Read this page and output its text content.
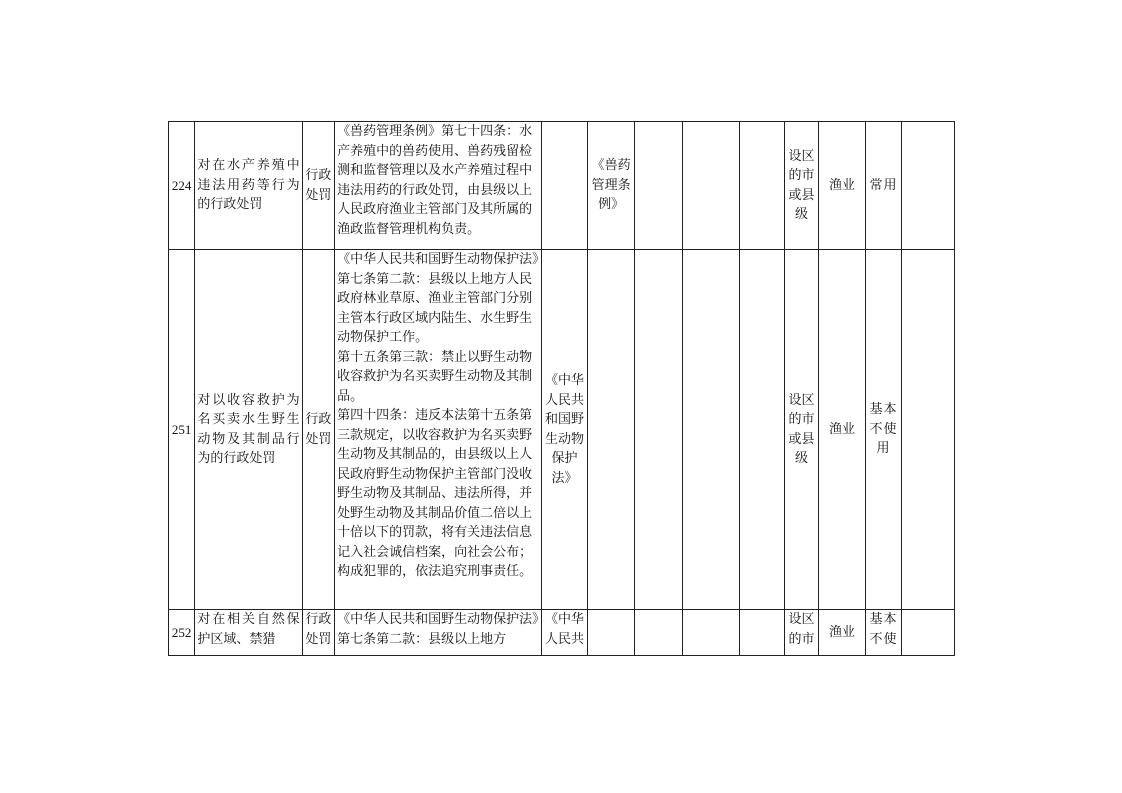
224	对在水产养殖中违法用药等行为的行政处罚	行政处罚	《兽药管理条例》第七十四条：水产养殖中的兽药使用、兽药残留检测和监督管理以及水产养殖过程中违法用药的行政处罚，由县级以上人民政府渔业主管部门及其所属的渔政监督管理机构负责。		《兽药管理条例》				设区的市或县级	渔业	常用	

251	对以收容救护为名买卖水生野生动物及其制品行为的行政处罚	行政处罚	《中华人民共和国野生动物保护法》第七条第二款：县级以上地方人民政府林业草原、渔业主管部门分别主管本行政区域内陆生、水生野生动物保护工作。

第十五条第三款：禁止以野生动物收容救护为名买卖野生动物及其制品。

第四十四条：违反本法第十五条第三款规定，以收容救护为名买卖野生动物及其制品的，由县级以上人民政府野生动物保护主管部门没收野生动物及其制品、违法所得，并处野生动物及其制品价值二倍以上十倍以下的罚款，将有关违法信息记入社会诚信档案，向社会公布；构成犯罪的，依法追究刑事责任。	《中华人民共和国野生动物保护法》					设区的市或县级	渔业	基本不使用	

252	对在相关自然保护区域、禁猎	行政处罚	《中华人民共和国野生动物保护法》第七条第二款：县级以上地方	《中华人民共					设区的市	渔业	基本不使	
